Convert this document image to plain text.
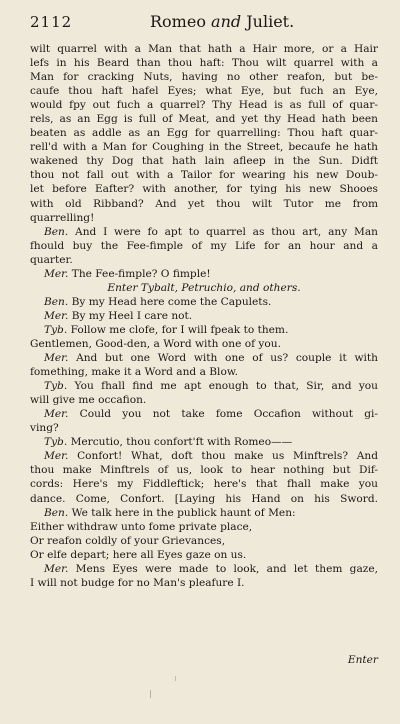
2112	Romeo and Juliet.
wilt quarrel with a Man that hath a Hair more, or a Hair
lefs in his Beard than thou haft: Thou wilt quarrel with a
Man for cracking Nuts, having no other reafon, but be-
caufe thou haft hafel Eyes; what Eye, but fuch an Eye,
would fpy out fuch a quarrel? Thy Head is as full of quar-
rels, as an Egg is full of Meat, and yet thy Head hath been
beaten as addle as an Egg for quarrelling: Thou haft quar-
rell'd with a Man for Coughing in the Street, becaufe he hath
wakened thy Dog that hath lain afleep in the Sun. Didft
thou not fall out with a Tailor for wearing his new Doub-
let before Eafter? with another, for tying his new Shooes
with old Ribband? And yet thou wilt Tutor me from
quarrelling!
Ben. And I were fo apt to quarrel as thou art, any Man
fhould buy the Fee-fimple of my Life for an hour and a
quarter.
Mer. The Fee-fimple? O fimple!
Enter Tybalt, Petruchio, and others.
Ben. By my Head here come the Capulets.
Mer. By my Heel I care not.
Tyb. Follow me clofe, for I will fpeak to them.
Gentlemen, Good-den, a Word with one of you.
Mer. And but one Word with one of us? couple it with
fomething, make it a Word and a Blow.
Tyb. You fhall find me apt enough to that, Sir, and you
will give me occafion.
Mer. Could you not take fome Occafion without gi-
ving?
Tyb. Mercutio, thou confort'ft with Romeo——
Mer. Confort! What, doft thou make us Minftrels? And
thou make Minftrels of us, look to hear nothing but Dif-
cords: Here's my Fiddleftick; here's that fhall make you
dance. Come, Confort. [Laying his Hand on his Sword.
Ben. We talk here in the publick haunt of Men:
Either withdraw unto fome private place,
Or reafon coldly of your Grievances,
Or elfe depart; here all Eyes gaze on us.
Mer. Mens Eyes were made to look, and let them gaze,
I will not budge for no Man's pleafure I.
Enter
